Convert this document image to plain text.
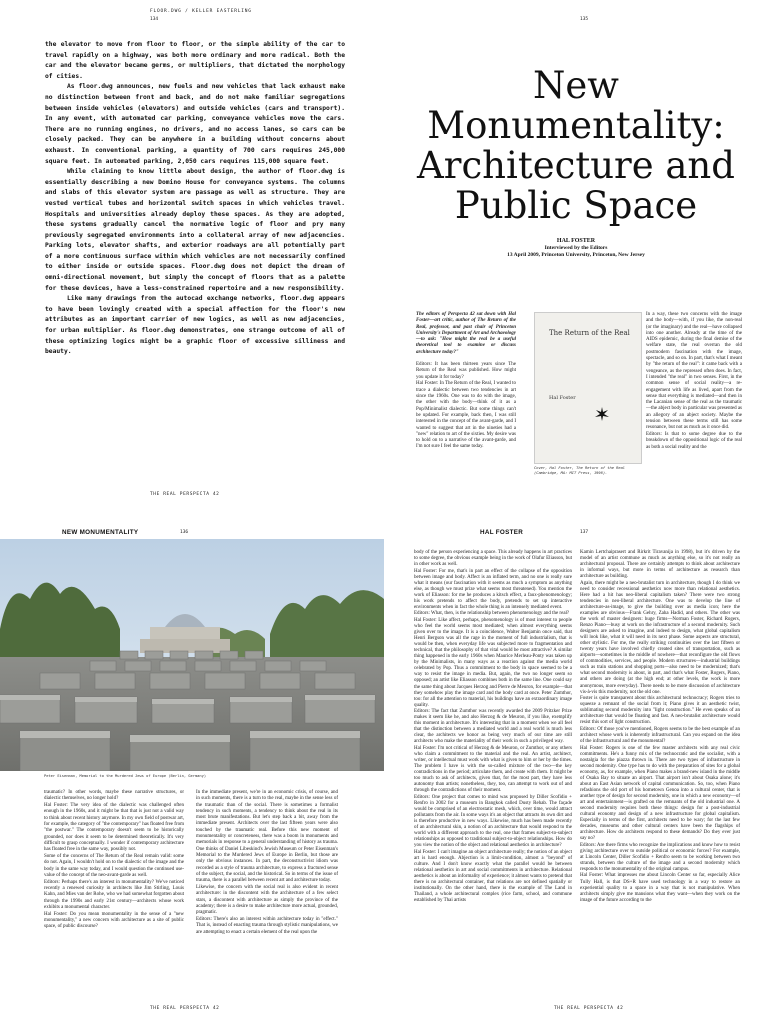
FLOOR.DWG / KELLER EASTERLING
134

the elevator to move from floor to floor, or the simple ability of the car to travel rapidly on a highway, was both more ordinary and more radical. Both the car and the elevator became germs, or multipliers, that dictated the morphology of cities.

As floor.dwg announces, new fuels and new vehicles that lack exhaust make no distinction between front and back, and do not make familiar segregations between inside vehicles (elevators) and outside vehicles (cars and transport). In any event, with automated car parking, conveyance vehicles move the cars. There are no running engines, no drivers, and no access lanes, so cars can be closely packed. They can be anywhere in a building without concerns about exhaust. In conventional parking, a quantity of 700 cars requires 245,000 square feet. In automated parking, 2,050 cars requires 115,000 square feet.

While claiming to know little about design, the author of floor.dwg is essentially describing a new Domino House for conveyance systems. The columns and slabs of this elevator system are passage as well as structure. They are vested vertical tubes and horizontal switch spaces in which vehicles travel. Hospitals and universities already deploy these spaces. As they are adopted, these systems gradually cancel the normative logic of floor and pry many previously segregated environments into a collateral array of new adjacencies. Parking lots, elevator shafts, and exterior roadways are all potentially part of a more continuous surface within which vehicles are not necessarily confined to either inside or outside spaces. Floor.dwg does not depict the dream of omni-directional movement, but simply the concept of floors that as a palette for these devices, have a less-constrained repertoire and a new responsibility.

Like many drawings from the autocad exchange networks, floor.dwg appears to have been lovingly created with a special affection for the floor's new attributes as an important carrier of new logics, as well as new adjacencies, for urban multiplier. As floor.dwg demonstrates, one strange outcome of all of these optimizing logics might be a graphic floor of excessive silliness and beauty.

THE REAL PERSPECTA 42
135
New Monumentality: Architecture and Public Space
HAL FOSTER
Interviewed by the Editors
13 April 2009, Princeton University, Princeton, New Jersey

The editors of Perspecta 42 sat down with Hal Foster—art critic, author of The Return of the Real, professor, and past chair of Princeton University's Department of Art and Archaeology—to ask: "How might the real be a useful theoretical tool to examine or discuss architecture today?"

Editors: It has been thirteen years since The Return of the Real was published. How might you update it for today?

Hal Foster: In The Return of the Real, I wanted to trace a dialectic between two tendencies in art since the 1960s. One was to do with the image, the other with the body—think of it as a Pop/Minimalist dialectic. But some things can't be updated. For example, back then, I was still interested in the concept of the avant-garde, and I wanted to suggest that art in the nineties had a "new" relation to art of the sixties. My desire was to hold on to a narrative of the avant-garde, and I'm not sure I feel the same today.

The Return of the Real
Hal Foster
Cover, Hal Foster, The Return of the Real (Cambridge, MA: MIT Press, 1996).

In a way, these two concerns with the image and the body—with, if you like, the non-real (or the imaginary) and the real—have collapsed into one another. Already at the time of the AIDS epidemic, during the final demise of the welfare state, the real overran the old postmodern fascination with the image, spectacle, and so on. In part, that's what I meant by "the return of the real": it came back with a vengeance, as the repressed often does. In fact, I intended "the real" in two senses. First, in the common sense of social reality—a re-engagement with life as lived, apart from the sense that everything is mediated—and then in the Lacanian sense of the real as the traumatic—the abject body in particular was presented as an allegory of an abject society. Maybe the tension between these terms still has some resonance, but not as much as it once did.

Editors: Is that to some degree due to the breakdown of the oppositional logic of the real as both a social reality and the

NEW MONUMENTALITY	136
Peter Eisenman, Memorial to the Murdered Jews of Europe (Berlin, Germany)

traumatic? In other words, maybe these narrative structures, or dialectic themselves, no longer hold?

Hal Foster: The very idea of the dialectic was challenged often enough in the 1960s, and it might be that that is just not a valid way to think about recent history anymore. In my own field of postwar art, for example, the category of "the contemporary" has floated free from "the postwar." The contemporary doesn't seem to be historically grounded, nor does it seem to be determined theoretically. It's very difficult to grasp conceptually. I wonder if contemporary architecture has floated free in the same way, possibly not.

Some of the concerns of The Return of the Real remain valid: some do not. Again, I wouldn't hold on to the dialectic of the image and the body in the same way today, and I would question the continued use-value of the concept of the neo-avant-garde as well.

Editors: Perhaps there's an interest in monumentality? We've noticed recently a renewed curiosity in architects like Jim Stirling, Louis Kahn, and Mies van der Rohe, who we had somewhat forgotten about through the 1990s and early 21st century—architects whose work exhibits a monumental character.

Hal Foster: Do you mean monumentality in the sense of a "new monumentality," a new concern with architecture as a site of public space, of public discourse?

In the immediate present, we're in an economic crisis, of course, and in such moments, there is a turn to the real, maybe in the sense less of the traumatic than of the social. There is sometimes a formalist tendency in such moments, a tendency to think about the real in its most brute manifestations. But let's step back a bit, away from the immediate present. Architects over the last fifteen years were also touched by the traumatic real. Before this new moment of monumentality or concreteness, there was a boom in monuments and memorials in response to a general understanding of history as trauma. One thinks of Daniel Libeskind's Jewish Museum or Peter Eisenman's Memorial to the Murdered Jews of Europe in Berlin, but those are only the obvious instances. In part, the deconstructivist idiom was recorded as a style of trauma architecture, to express a fractured sense of the subject, the social, and the historical. So in terms of the issue of trauma, there is a parallel between recent art and architecture today.

Likewise, the concern with the social real is also evident in recent architecture: in the discontent with the architecture of a few select stars, a discontent with architecture as simply the province of the academy; there is a desire to make architecture more actual, grounded, pragmatic.

Editors: There's also an interest within architecture today in "effect." That is, instead of enacting trauma through stylistic manipulations, we are attempting to enact a certain element of the real upon the

THE REAL PERSPECTA 42
HAL FOSTER	137

body of the person experiencing a space. This already happens in art practices to some degree, the obvious example being in the work of Olafur Eliasson, but in other work as well.

Hal Foster: For me, that's in part an effect of the collapse of the opposition between image and body. Affect is an inflated term, and no one is really sure what it means (our fascination with it seems as much a symptom as anything else, as though we must prize what seems most threatened). You mention the work of Eliasson: for me he produces a kitsch effect, a faux-phenomenology; his work pretends to affect the body, pretends to set up interactive environments when in fact the whole thing is an intensely mediated event.

Editors: What, then, is the relationship between phenomenology and the real?

Hal Foster: Like affect, perhaps, phenomenology is of most interest to people who feel the world seems most mediated; when almost everything seems given over to the image. It is a coincidence, Walter Benjamin once said, that Henri Bergson was all the rage in the moment of full industrialism, that is would be then, when everyday life was subjected more to fragmentation and technical, that the philosophy of that vital would be most attractive? A similar thing happened in the early 1960s when Maurice Merleau-Ponty was taken up by the Minimalists, in many ways as a reaction against the media world celebrated by Pop. Thus a commitment to the body in space seemed to be a way to resist the image in media. But, again, the two no longer seem so opposed; an artist like Eliasson combines both in the same line. One could say the same thing about Jacques Herzog and Pierre de Meuron, for example—that they somehow play the image card and the body card at once. Peter Zumthor, too: for all the attention to material, his buildings have an extraordinary image quality.

Editors: The fact that Zumthor was recently awarded the 2009 Pritzker Prize makes it seem like he, and also Herzog & de Meuron, if you like, exemplify this moment in architecture. It's interesting that in a moment when we all feel that the distinction between a mediated world and a real world is much less clear, the architects we honor as being very much of our time are still architects who make the materiality of their work in such a privileged way.

Hal Foster: I'm not critical of Herzog & de Meuron, or Zumthor, or any others who claim a commitment to the material and the real. An artist, architect, writer, or intellectual must work with what is given to him or her by the times. The problem I have is with the so-called mixture of the two—the key contradictions in the period; articulate them, and create with them. It might be too much to ask of architects, given that, for the most part, they have less autonomy than artists; nonetheless, they, too, can attempt to work out of and through the contradictions of their moment.

Editors: One project that comes to mind was proposed by Diller Scofidio + Renfro in 2002 for a museum in Bangkok called Dusty Rehab. The façade would be comprised of an electrostatic mesh, which, over time, would attract pollutants from the air. In some ways it's an object that attracts its own dirt and is therefore productive in new ways. Likewise, much has been made recently of an architectural skin, a notion of an architecture that would respond to the world with a different approach to the real, one that frames subject-to-subject relationships as opposed to traditional subject-to-object relationships. How do you view the notion of the object and relational aesthetics in architecture?

Hal Foster: I can't imagine an object architecture really; the notion of an object art is hard enough. Abjection is a limit-condition, almost a "beyond" of culture. And I don't know exactly what the parallel would be between relational aesthetics in art and social commitments in architecture. Relational aesthetics is about an informality of experience; it almost wants to pretend that there is no architectural container, that relations are not defined spatially or institutionally. On the other hand, there is the example of The Land in Thailand, a whole architectural complex (rice farm, school, and commune established by Thai artists

Kamin Lertchaiprasert and Rirkrit Tiravanija in 1998), but it's driven by the model of an artist commune as much as anything else, so it's not really an architectural proposal. There are certainly attempts to think about architecture in informal ways, but more in terms of architecture as research than architecture as building.

Again, there might be a neo-brutalist turn in architecture, though I do think we need to consider recessional aesthetics now more than relational aesthetics. Here had a hit has neo-liberal capitalism taken? There were two strong tendencies in neo-liberal architecture. One was to develop the line of architecture-as-image, to give the building over as media icon; here the examples are obvious—Frank Gehry, Zaha Hadid, and others. The other was the work of master designers: huge firms—Norman Foster, Richard Rogers, Renzo Piano—busy at work on the infrastructure of a second modernity. Such designers are asked to imagine, and indeed to design, what global capitalism will look like, what it will need in its next phase. Some aspects are structural, other stylistic. For me, the really striking continuities over the last fifteen or twenty years have involved chiefly created sites of transportation, such as airports—sometimes in the middle of nowhere—that reconfigure the old flows of commodities, services, and people. Modern structures—industrial buildings such as train stations and shopping ports—also need to be modernized; that's what second modernity is about, in part, and that's what Foster, Rogers, Piano, and others are doing (at the high end; at other levels, the work is more anonymous, more everyday). There needs to be more discussion of architecture vis-à-vis this modernity, not the old one.

Foster is quite transparent about this architectural technocracy; Rogers tries to squeeze a remnant of the social from it; Piano gives it an aesthetic twist, sublimating second modernity into "light construction." He even speaks of an architecture that would be floating and fast. A neo-brutalist architecture would resist this sort of light construction.

Editors: Of those you've mentioned, Rogers seems to be the best example of an architect whose work is inherently infrastructural. Can you expand on the idea of the infrastructural and the monumental?

Hal Foster: Rogers is one of the few master architects with any real civic commitments. He's a funny mix of the technocratic and the socialist, with a nostalgia for the piazza thrown in. There are two types of infrastructure in second modernity. One type has to do with the preparation of sites for a global economy, as, for example, when Piano makes a brand-new island in the middle of Osaka Bay to situate an airport. That airport isn't about Osaka alone; it's about an East Asian network of capital communication. So, too, when Piano refashions the old port of his hometown Genoa into a cultural center, that is another type of design for second modernity, one in which a new economy—of art and entertainment—is grafted on the remnants of the old industrial one. A second modernity requires both these things: design for a post-industrial cultural economy and design of a new infrastructure for global capitalism. Especially in terms of the first, architects need to be wary; for the last few decades, museums and other cultural centers have been the flagships of architecture. How do architects respond to these demands? Do they ever just say no?

Editors: Are there firms who recognize the implications and know how to resist giving architecture over to outside political or economic forces? For example, at Lincoln Center, Diller Scofidio + Renfro seem to be working between two strands, between the culture of the image and a second modernity which responds to the monumentality of the original campus.

Hal Foster: What impresses me about Lincoln Center so far, especially Alice Tully Hall, is that DS+R have used technology in a way to restore an experiential quality to a space in a way that is not manipulative. When architects simply give me mansions what they want—when they work on the image of the future according to the

THE REAL PERSPECTA 42
